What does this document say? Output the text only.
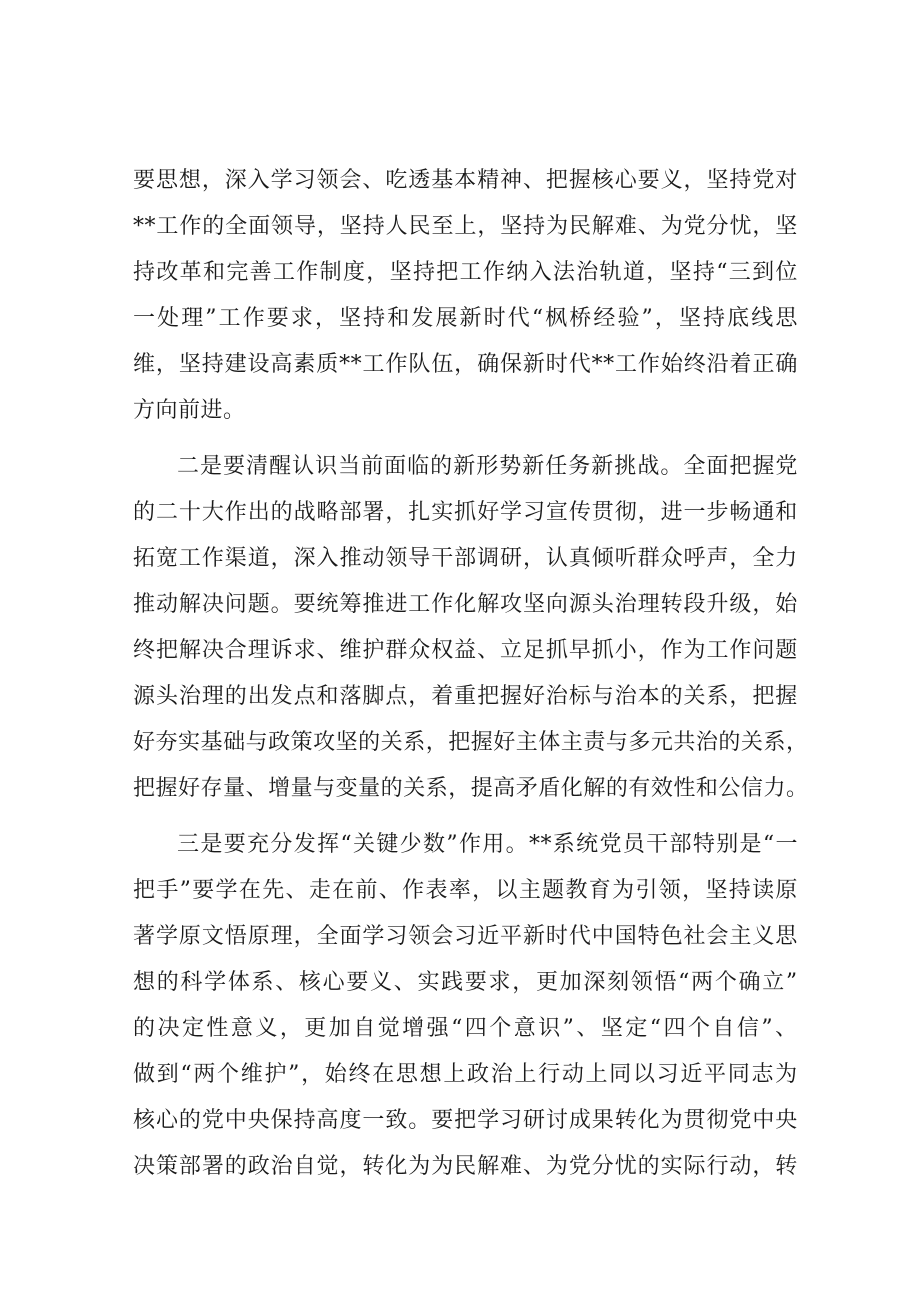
要 思 想 ， 深 入 学 习 领 会 、 吃 透 基 本 精 神 、 把 握 核 心 要 义 ， 坚 持 党 对
** 工 作 的 全 面 领 导 ， 坚 持 人 民 至 上 ， 坚 持 为 民 解 难 、 为 党 分 忧 ， 坚
持 改 革 和 完 善 工 作 制 度 ， 坚 持 把 工 作 纳 入 法 治 轨 道 ， 坚 持 “ 三 到 位
一 处 理 ” 工 作 要 求 ， 坚 持 和 发 展 新 时 代 “ 枫 桥 经 验 ” ， 坚 持 底 线 思
维 ， 坚 持 建 设 高 素 质 ** 工 作 队 伍 ， 确 保 新 时 代 ** 工 作 始 终 沿 着 正 确
方向前进。
二 是 要 清 醒 认 识 当 前 面 临 的 新 形 势 新 任 务 新 挑 战 。 全 面 把 握 党
的 二 十 大 作 出 的 战 略 部 署 ， 扎 实 抓 好 学 习 宣 传 贯 彻 ， 进 一 步 畅 通 和
拓 宽 工 作 渠 道 ， 深 入 推 动 领 导 干 部 调 研 ， 认 真 倾 听 群 众 呼 声 ， 全 力
推 动 解 决 问 题 。 要 统 筹 推 进 工 作 化 解 攻 坚 向 源 头 治 理 转 段 升 级 ， 始
终 把 解 决 合 理 诉 求 、 维 护 群 众 权 益 、 立 足 抓 早 抓 小 ， 作 为 工 作 问 题
源 头 治 理 的 出 发 点 和 落 脚 点 ， 着 重 把 握 好 治 标 与 治 本 的 关 系 ， 把 握
好 夯 实 基 础 与 政 策 攻 坚 的 关 系 ， 把 握 好 主 体 主 责 与 多 元 共 治 的 关 系 ，
把 握 好 存 量 、 增 量 与 变 量 的 关 系 ， 提 高 矛 盾 化 解 的 有 效 性 和 公 信 力 。
三 是 要 充 分 发 挥 “ 关 键 少 数 ” 作 用 。 ** 系 统 党 员 干 部 特 别 是 “ 一
把 手 ” 要 学 在 先 、 走 在 前 、 作 表 率 ， 以 主 题 教 育 为 引 领 ， 坚 持 读 原
著 学 原 文 悟 原 理 ， 全 面 学 习 领 会 习 近 平 新 时 代 中 国 特 色 社 会 主 义 思
想 的 科 学 体 系 、 核 心 要 义 、 实 践 要 求 ， 更 加 深 刻 领 悟 “ 两 个 确 立 ”
的 决 定 性 意 义 ， 更 加 自 觉 增 强 “ 四 个 意 识 ” 、 坚 定 “ 四 个 自 信 ” 、
做 到 “ 两 个 维 护 ” ， 始 终 在 思 想 上 政 治 上 行 动 上 同 以 习 近 平 同 志 为
核 心 的 党 中 央 保 持 高 度 一 致 。 要 把 学 习 研 讨 成 果 转 化 为 贯 彻 党 中 央
决 策 部 署 的 政 治 自 觉 ， 转 化 为 为 民 解 难 、 为 党 分 忧 的 实 际 行 动 ， 转
